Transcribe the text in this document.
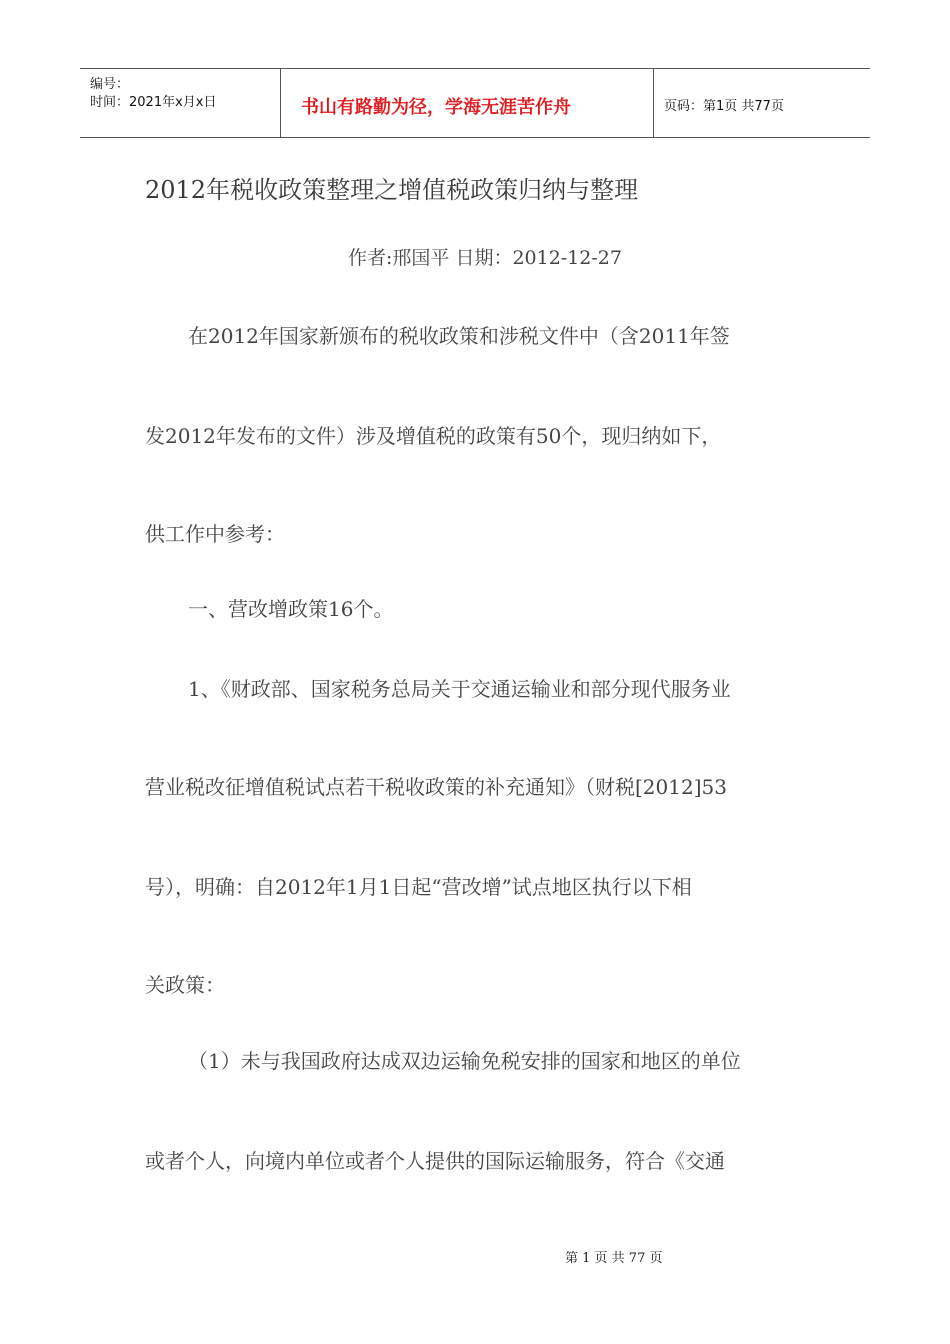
编号：
时间：2021年x月x日	书山有路勤为径，学海无涯苦作舟	页码：第1页 共77页
2012年税收政策整理之增值税政策归纳与整理
作者:邢国平 日期：2012-12-27
在2012年国家新颁布的税收政策和涉税文件中（含2011年签
发2012年发布的文件）涉及增值税的政策有50个，现归纳如下，
供工作中参考：
一、营改增政策16个。
1、《财政部、国家税务总局关于交通运输业和部分现代服务业
营业税改征增值税试点若干税收政策的补充通知》（财税[2012]53
号），明确：自2012年1月1日起“营改增”试点地区执行以下相
关政策：
（1）未与我国政府达成双边运输免税安排的国家和地区的单位
或者个人，向境内单位或者个人提供的国际运输服务，符合《交通
第 1 页 共 77 页
